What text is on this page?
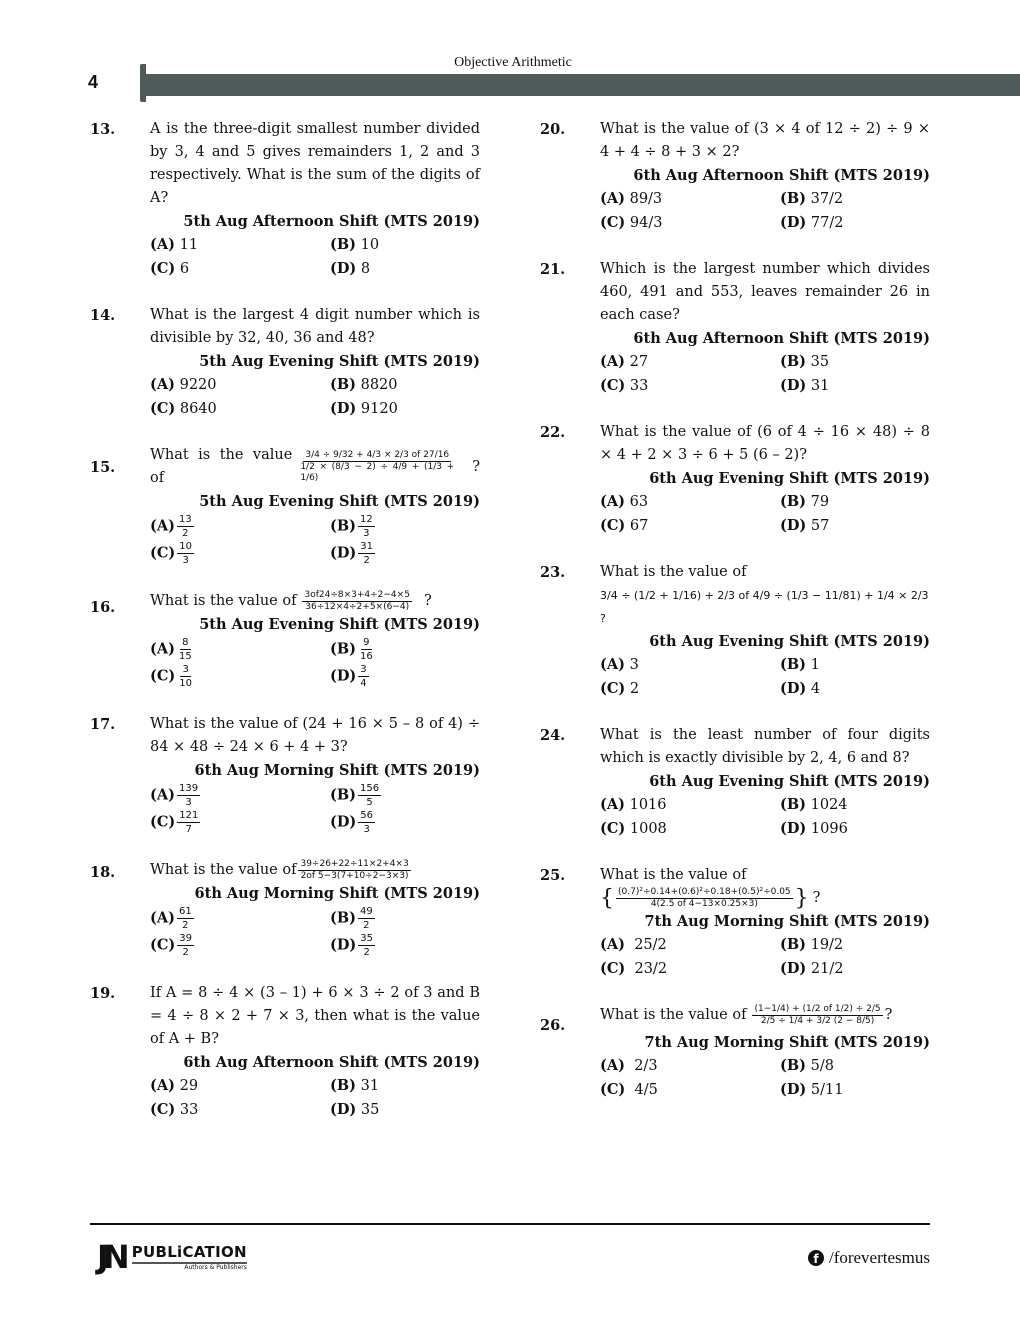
Objective Arithmetic
4
13. A is the three-digit smallest number divided by 3, 4 and 5 gives remainders 1, 2 and 3 respectively. What is the sum of the digits of A?
5th Aug Afternoon Shift (MTS 2019)
(A) 11	(B) 10
(C) 6	(D) 8
14. What is the largest 4 digit number which is divisible by 32, 40, 36 and 48?
5th Aug Evening Shift (MTS 2019)
(A) 9220	(B) 8820
(C) 8640	(D) 9120
15.
What is the value of	$\frac{3/4 \div 9/32 + 4/3 \times 2/3 of 27/16}{1/2 \times (8/3 - 2) \div 4/9 + (1/3 + 1/6)}$ ?
5th Aug Evening Shift (MTS 2019)
$(A) \frac{13}{2}$	$(B) \frac{12}{3}$
$(C) \frac{10}{3}$	$(D) \frac{31}{2}$
16. What is the value of $\frac{3of24\div 8\times 3+4\div 2-4\times 5}{36\div 12\times 4\div 2+5\times(6-4)}$ ?
5th Aug Evening Shift (MTS 2019)
$(A) \frac{8}{15}$	$(B) \frac{9}{16}$
$(C) \frac{3}{10}$	$(D) \frac{3}{4}$
17. What is the value of (24 + 16 × 5 – 8 of 4) ÷ 84 × 48 ÷ 24 × 6 + 4 + 3?
6th Aug Morning Shift (MTS 2019)
$(A) \frac{139}{3}$	$(B) \frac{156}{5}$
$(C) \frac{121}{7}$	$(D) \frac{56}{3}$
18. What is the value of $\frac{39\div 26+22\div 11\times 2+4\times 3}{2of 5-3(7+10\div 2-3\times 3)}$
6th Aug Morning Shift (MTS 2019)
$(A) \frac{61}{2}$	$(B) \frac{49}{2}$
$(C) \frac{39}{2}$	$(D) \frac{35}{2}$
19. If A = 8 ÷ 4 × (3 – 1) + 6 × 3 ÷ 2 of 3 and B = 4 ÷ 8 × 2 + 7 × 3, then what is the value of A + B?
6th Aug Afternoon Shift (MTS 2019)
(A) 29	(B) 31
(C) 33	(D) 35
20. What is the value of (3 × 4 of 12 ÷ 2) ÷ 9 × 4 + 4 ÷ 8 + 3 × 2?
6th Aug Afternoon Shift (MTS 2019)
(A) 89/3	(B) 37/2
(C) 94/3	(D) 77/2
21. Which is the largest number which divides 460, 491 and 553, leaves remainder 26 in each case?
6th Aug Afternoon Shift (MTS 2019)
(A) 27	(B) 35
(C) 33	(D) 31
22. What is the value of (6 of 4 ÷ 16 × 48) ÷ 8 × 4 + 2 × 3 ÷ 6 + 5 (6 – 2)?
6th Aug Evening Shift (MTS 2019)
(A) 63	(B) 79
(C) 67	(D) 57
23. What is the value of
3/4 ÷ (1/2 + 1/16) + 2/3 of 4/9 ÷ (1/3 − 11/81) + 1/4 × 2/3 ?
6th Aug Evening Shift (MTS 2019)
(A) 3	(B) 1
(C) 2	(D) 4
24. What is the least number of four digits which is exactly divisible by 2, 4, 6 and 8?
6th Aug Evening Shift (MTS 2019)
(A) 1016	(B) 1024
(C) 1008	(D) 1096
25. What is the value of
{ $\frac{\text{(0.7)²÷0.14+(0.6)²÷0.18+(0.5)²÷0.05}}{4(2.5 of 4-13\times 0.25\times 3)}$ } ?
7th Aug Morning Shift (MTS 2019)
(A) 25/2	(B) 19/2
(C) 23/2	(D) 21/2
26.
What is the value of $\frac{(1-1/4) + (1/2 of 1/2) \div 2/5}{2/5 \div 1/4 + 3/2 (2 - 8/5)}$ ?
7th Aug Morning Shift (MTS 2019)
(A) 2/3	(B) 5/8
(C) 4/5	(D) 5/11
JN PUBLiCATION
Authors & Publishers
f /forevertesmus
